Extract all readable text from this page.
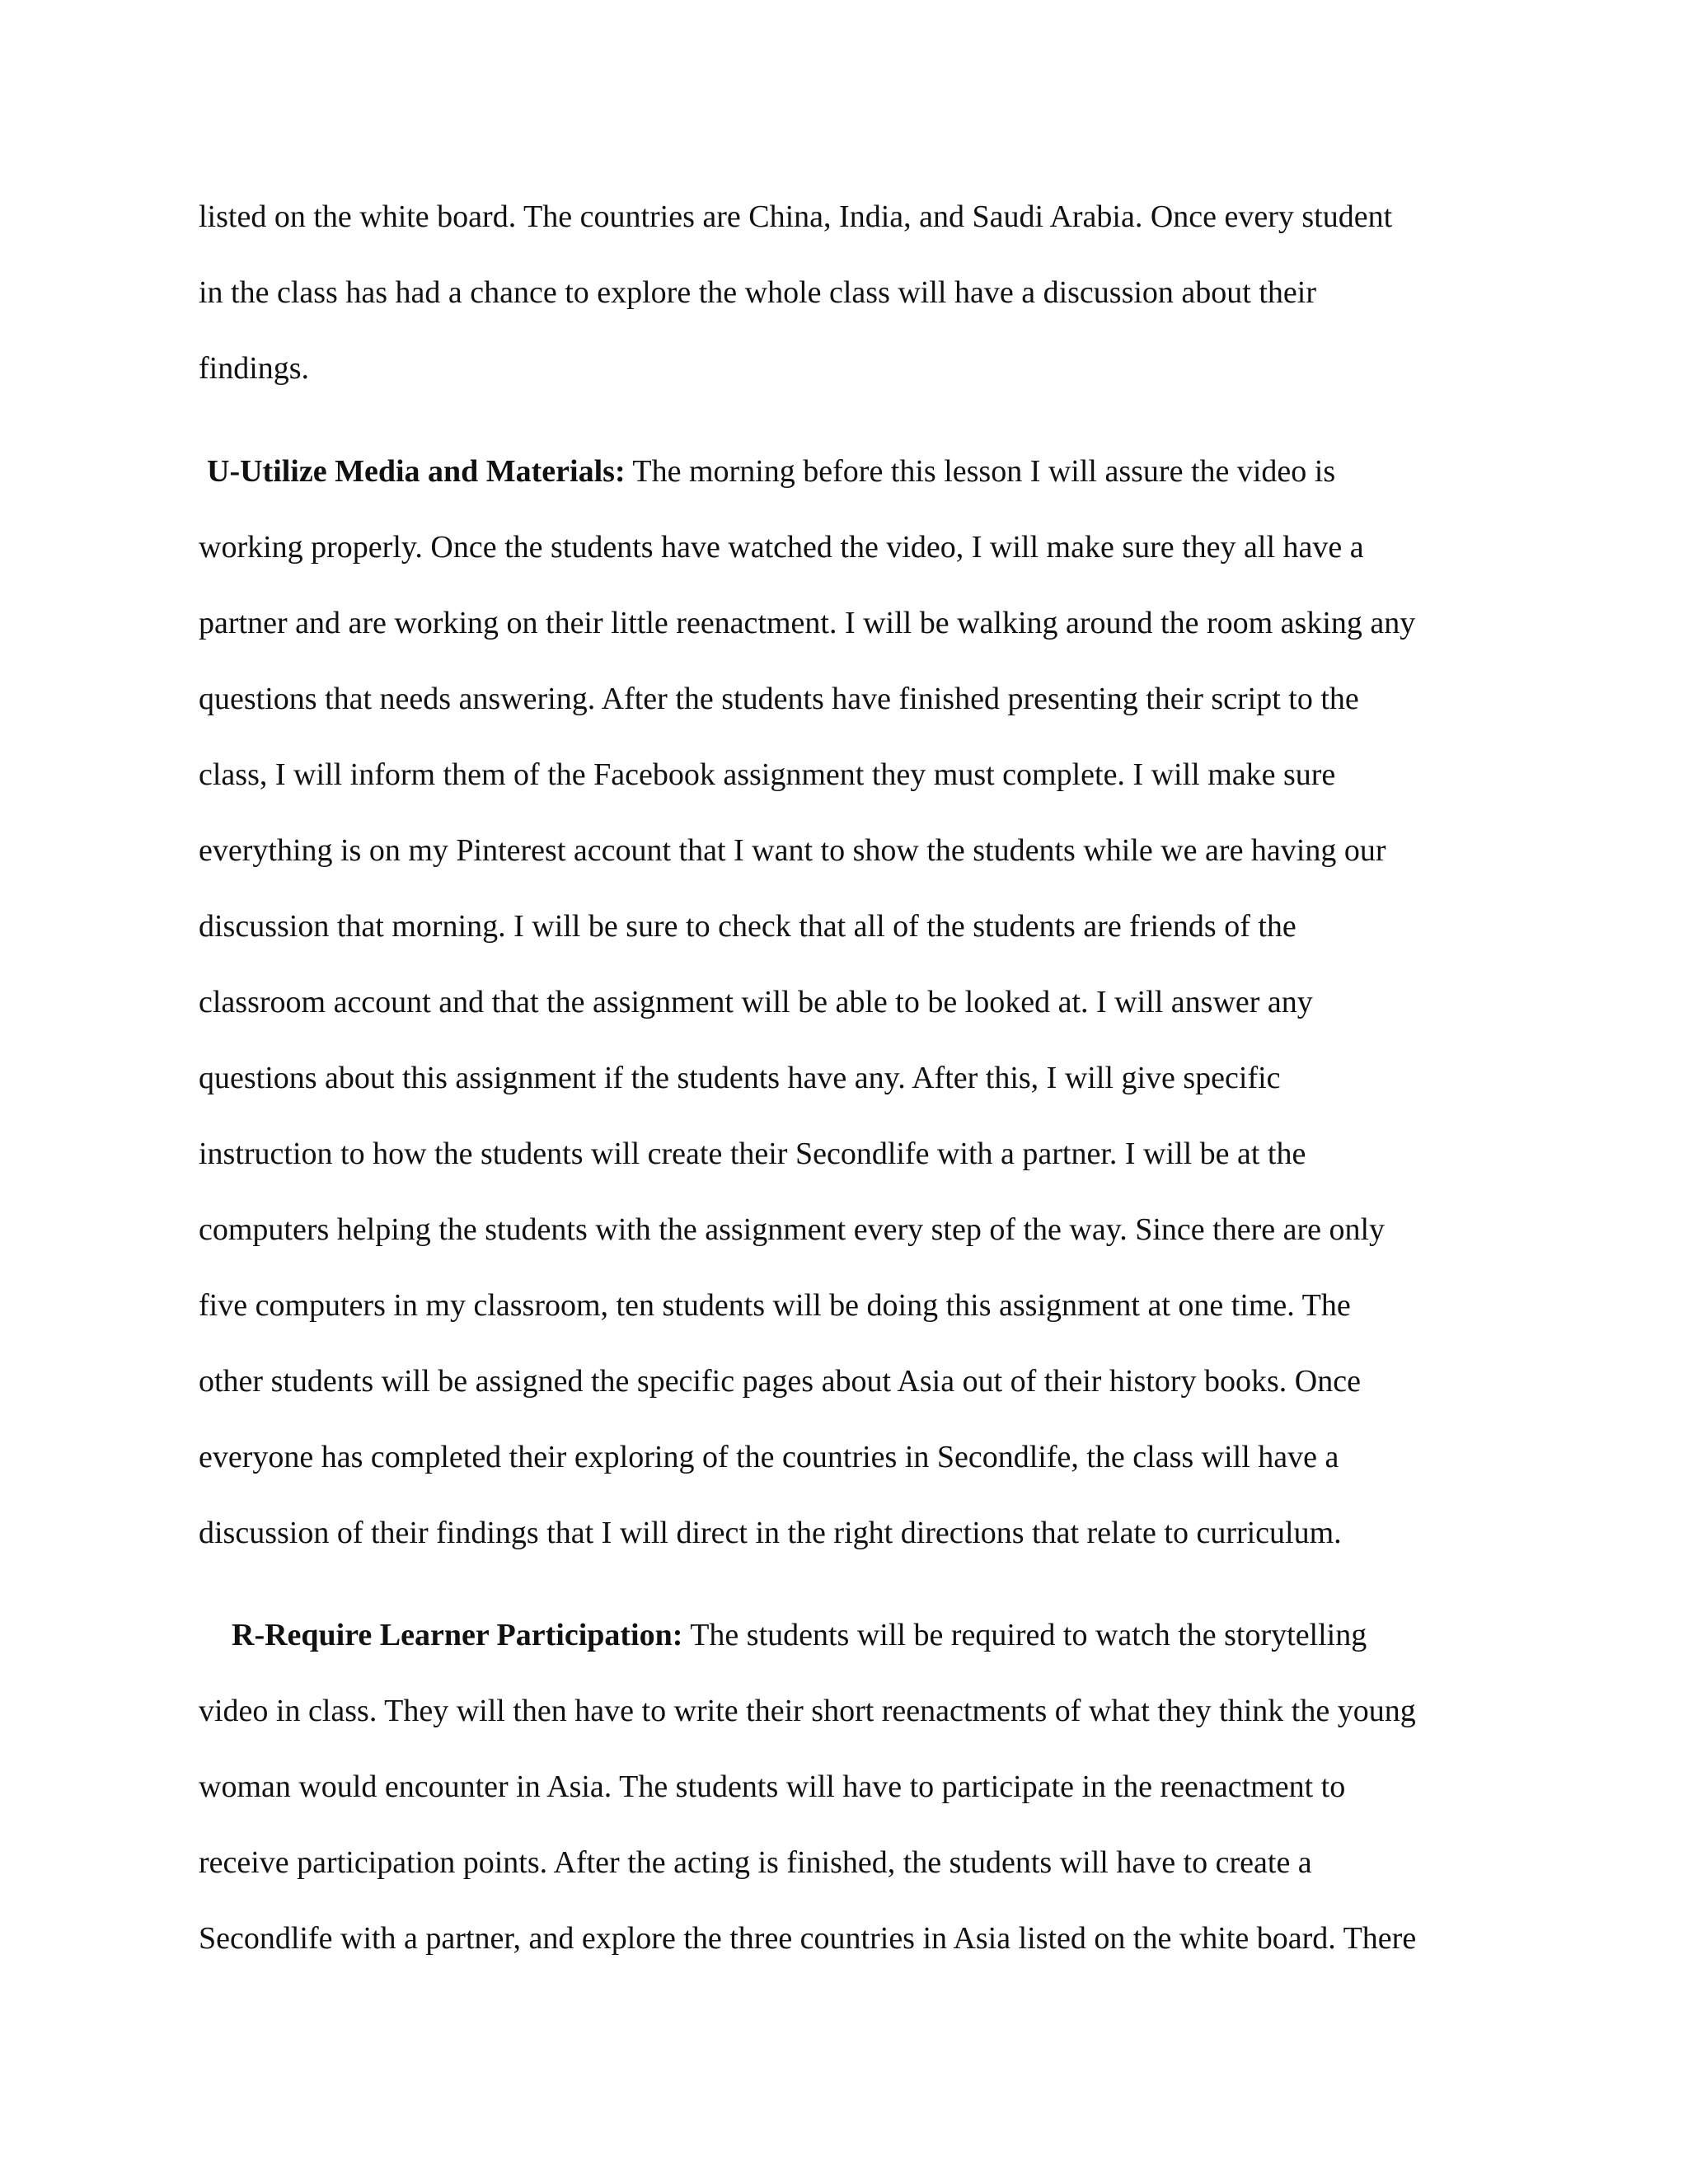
listed on the white board. The countries are China, India, and Saudi Arabia. Once every student

in the class has had a chance to explore the whole class will have a discussion about their

findings.

U-Utilize Media and Materials: The morning before this lesson I will assure the video is

working properly. Once the students have watched the video, I will make sure they all have a

partner and are working on their little reenactment. I will be walking around the room asking any

questions that needs answering. After the students have finished presenting their script to the

class, I will inform them of the Facebook assignment they must complete. I will make sure

everything is on my Pinterest account that I want to show the students while we are having our

discussion that morning. I will be sure to check that all of the students are friends of the

classroom account and that the assignment will be able to be looked at. I will answer any

questions about this assignment if the students have any. After this, I will give specific

instruction to how the students will create their Secondlife with a partner. I will be at the

computers helping the students with the assignment every step of the way. Since there are only

five computers in my classroom, ten students will be doing this assignment at one time. The

other students will be assigned the specific pages about Asia out of their history books. Once

everyone has completed their exploring of the countries in Secondlife, the class will have a

discussion of their findings that I will direct in the right directions that relate to curriculum.

R-Require Learner Participation: The students will be required to watch the storytelling

video in class. They will then have to write their short reenactments of what they think the young

woman would encounter in Asia. The students will have to participate in the reenactment to

receive participation points. After the acting is finished, the students will have to create a

Secondlife with a partner, and explore the three countries in Asia listed on the white board. There
